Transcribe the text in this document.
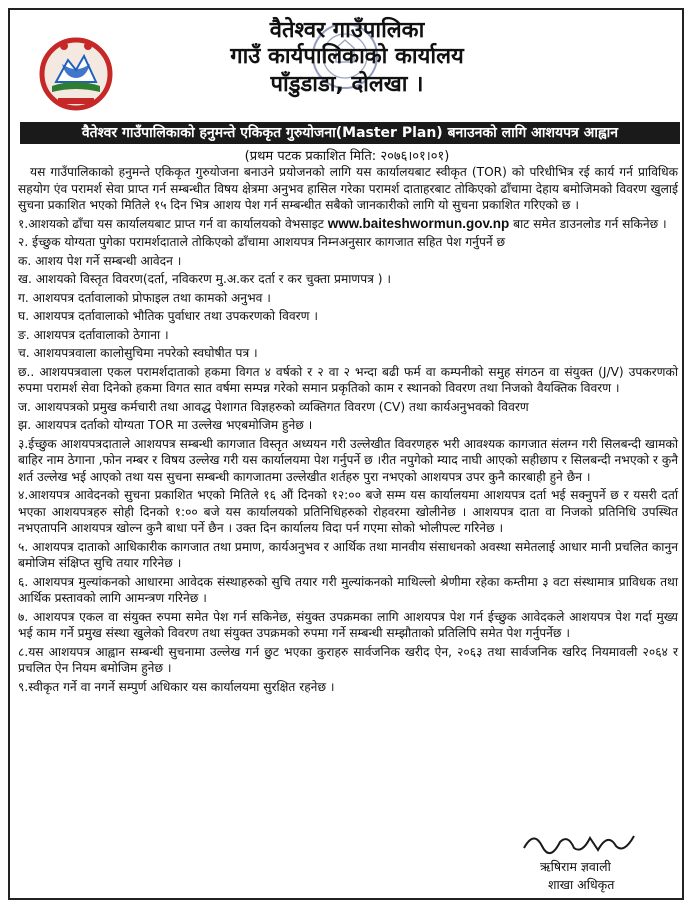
वैतेश्वर गाउँपालिका
गाउँ कार्यपालिकाको कार्यालय
पाँडुडाडा, दोलखा ।
वैतेश्वर गाउँपालिकाको हनुमन्ते एकिकृत गुरुयोजना(Master Plan) बनाउनको लागि आशयपत्र आह्वान
(प्रथम पटक प्रकाशित मिति: २०७६।०१।०१)

यस गाउँपालिकाको हनुमन्ते एकिकृत गुरुयोजना बनाउने प्रयोजनको लागि यस कार्यालयबाट स्वीकृत (TOR) को परिधीभित्र रई कार्य गर्न प्राविधिक सहयोग एंव परामर्श सेवा प्राप्त गर्न सम्बन्धीत विषय क्षेत्रमा अनुभव हासिल गरेका परामर्श दाताहरबाट तोकिएको ढाँचामा देहाय बमोजिमको विवरण खुलाई सुचना प्रकाशित भएको मितिले १५ दिन भित्र आशय पेश गर्न सम्बन्धीत सबैको जानकारीको लागि यो सुचना प्रकाशित गरिएको छ ।

१.आशयको ढाँचा यस कार्यालयबाट प्राप्त गर्न वा कार्यालयको वेभसाइट www.baiteshwormun.gov.np बाट समेत डाउनलोड गर्न सकिनेछ ।

२. ईच्छुक योग्यता पुगेका परामर्शदाताले तोकिएको ढाँचामा आशयपत्र निम्नअनुसार कागजात सहित पेश गर्नुपर्ने छ

क. आशय पेश गर्ने सम्बन्धी आवेदन ।

ख. आशयको विस्तृत विवरण(दर्ता, नविकरण मु.अ.कर दर्ता र कर चुक्ता प्रमाणपत्र ) ।

ग. आशयपत्र दर्तावालाको प्रोफाइल तथा कामको अनुभव ।

घ. आशयपत्र दर्तावालाको भौतिक पुर्वाधार तथा उपकरणको विवरण ।

ङ. आशयपत्र दर्तावालाको ठेगाना ।

च. आशयपत्रवाला कालोसुचिमा नपरेको स्वघोषीत पत्र ।

छ.. आशयपत्रवाला एकल परामर्शदाताको हकमा विगत ४ वर्षको र २ वा २ भन्दा बढी फर्म वा कम्पनीको समुह संगठन वा संयुक्त (J/V) उपकरणको रुपमा परामर्श सेवा दिनेको हकमा विगत सात वर्षमा सम्पन्न गरेको समान प्रकृतिको काम र स्थानको विवरण तथा निजको वैयक्तिक विवरण ।

ज. आशयपत्रको प्रमुख कर्मचारी तथा आवद्ध पेशागत विज्ञहरुको व्यक्तिगत विवरण (CV) तथा कार्यअनुभवको विवरण

झ. आशयपत्र दर्ताको योग्यता TOR मा उल्लेख भएबमोजिम हुनेछ ।

३.ईच्छुक आशयपत्रदाताले आशयपत्र सम्बन्धी कागजात विस्तृत अध्ययन गरी उल्लेखीत विवरणहरु भरी आवश्यक कागजात संलग्न गरी सिलबन्दी खामको बाहिर नाम ठेगाना ,फोन नम्बर र विषय उल्लेख गरी यस कार्यालयमा पेश गर्नुपर्ने छ ।रीत नपुगेको म्याद नाघी आएको सहीछाप र सिलबन्दी नभएको र कुनै शर्त उल्लेख भई आएको तथा यस सुचना सम्बन्धी कागजातमा उल्लेखीत शर्तहरु पुरा नभएको आशयपत्र उपर कुनै कारबाही हुने छैन ।

४.आशयपत्र आवेदनको सुचना प्रकाशित भएको मितिले १६ औं दिनको १२:०० बजे सम्म यस कार्यालयमा आशयपत्र दर्ता भई सक्नुपर्ने छ र यसरी दर्ता भएका आशयपत्रहरु सोही दिनको १:०० बजे यस कार्यालयको प्रतिनिधिहरुको रोहवरमा खोलीनेछ । आशयपत्र दाता वा निजको प्रतिनिधि उपस्थित नभएतापनि आशयपत्र खोल्न कुनै बाधा पर्ने छैन । उक्त दिन कार्यालय विदा पर्न गएमा सोको भोलीपल्ट गरिनेछ ।

५. आशयपत्र दाताको आधिकारीक कागजात तथा प्रमाण, कार्यअनुभव र आर्थिक तथा मानवीय संसाधनको अवस्था समेतलाई आधार मानी प्रचलित कानुन बमोजिम संक्षिप्त सुचि तयार गरिनेछ ।

६. आशयपत्र मुल्यांकनको आधारमा आवेदक संस्थाहरुको सुचि तयार गरी मुल्यांकनको माथिल्लो श्रेणीमा रहेका कम्तीमा ३ वटा संस्थामात्र प्राविधक तथा आर्थिक प्रस्तावको लागि आमन्त्रण गरिनेछ ।

७. आशयपत्र एकल वा संयुक्त रुपमा समेत पेश गर्न सकिनेछ, संयुक्त उपक्रमका लागि आशयपत्र पेश गर्न ईच्छुक आवेदकले आशयपत्र पेश गर्दा मुख्य भई काम गर्ने प्रमुख संस्था खुलेको विवरण तथा संयुक्त उपक्रमको रुपमा गर्ने सम्बन्धी सम्झौताको प्रतिलिपि समेत पेश गर्नुपर्नेछ ।

८.यस आशयपत्र आह्वान सम्बन्धी सुचनामा उल्लेख गर्न छुट भएका कुराहरु सार्वजनिक खरीद ऐन, २०६३ तथा सार्वजनिक खरिद नियमावली २०६४ र प्रचलित ऐन नियम बमोजिम हुनेछ ।

९.स्वीकृत गर्ने वा नगर्ने सम्पुर्ण अधिकार यस कार्यालयमा सुरक्षित रहनेछ ।

ऋषिराम ज्ञवाली
शाखा अधिकृत
